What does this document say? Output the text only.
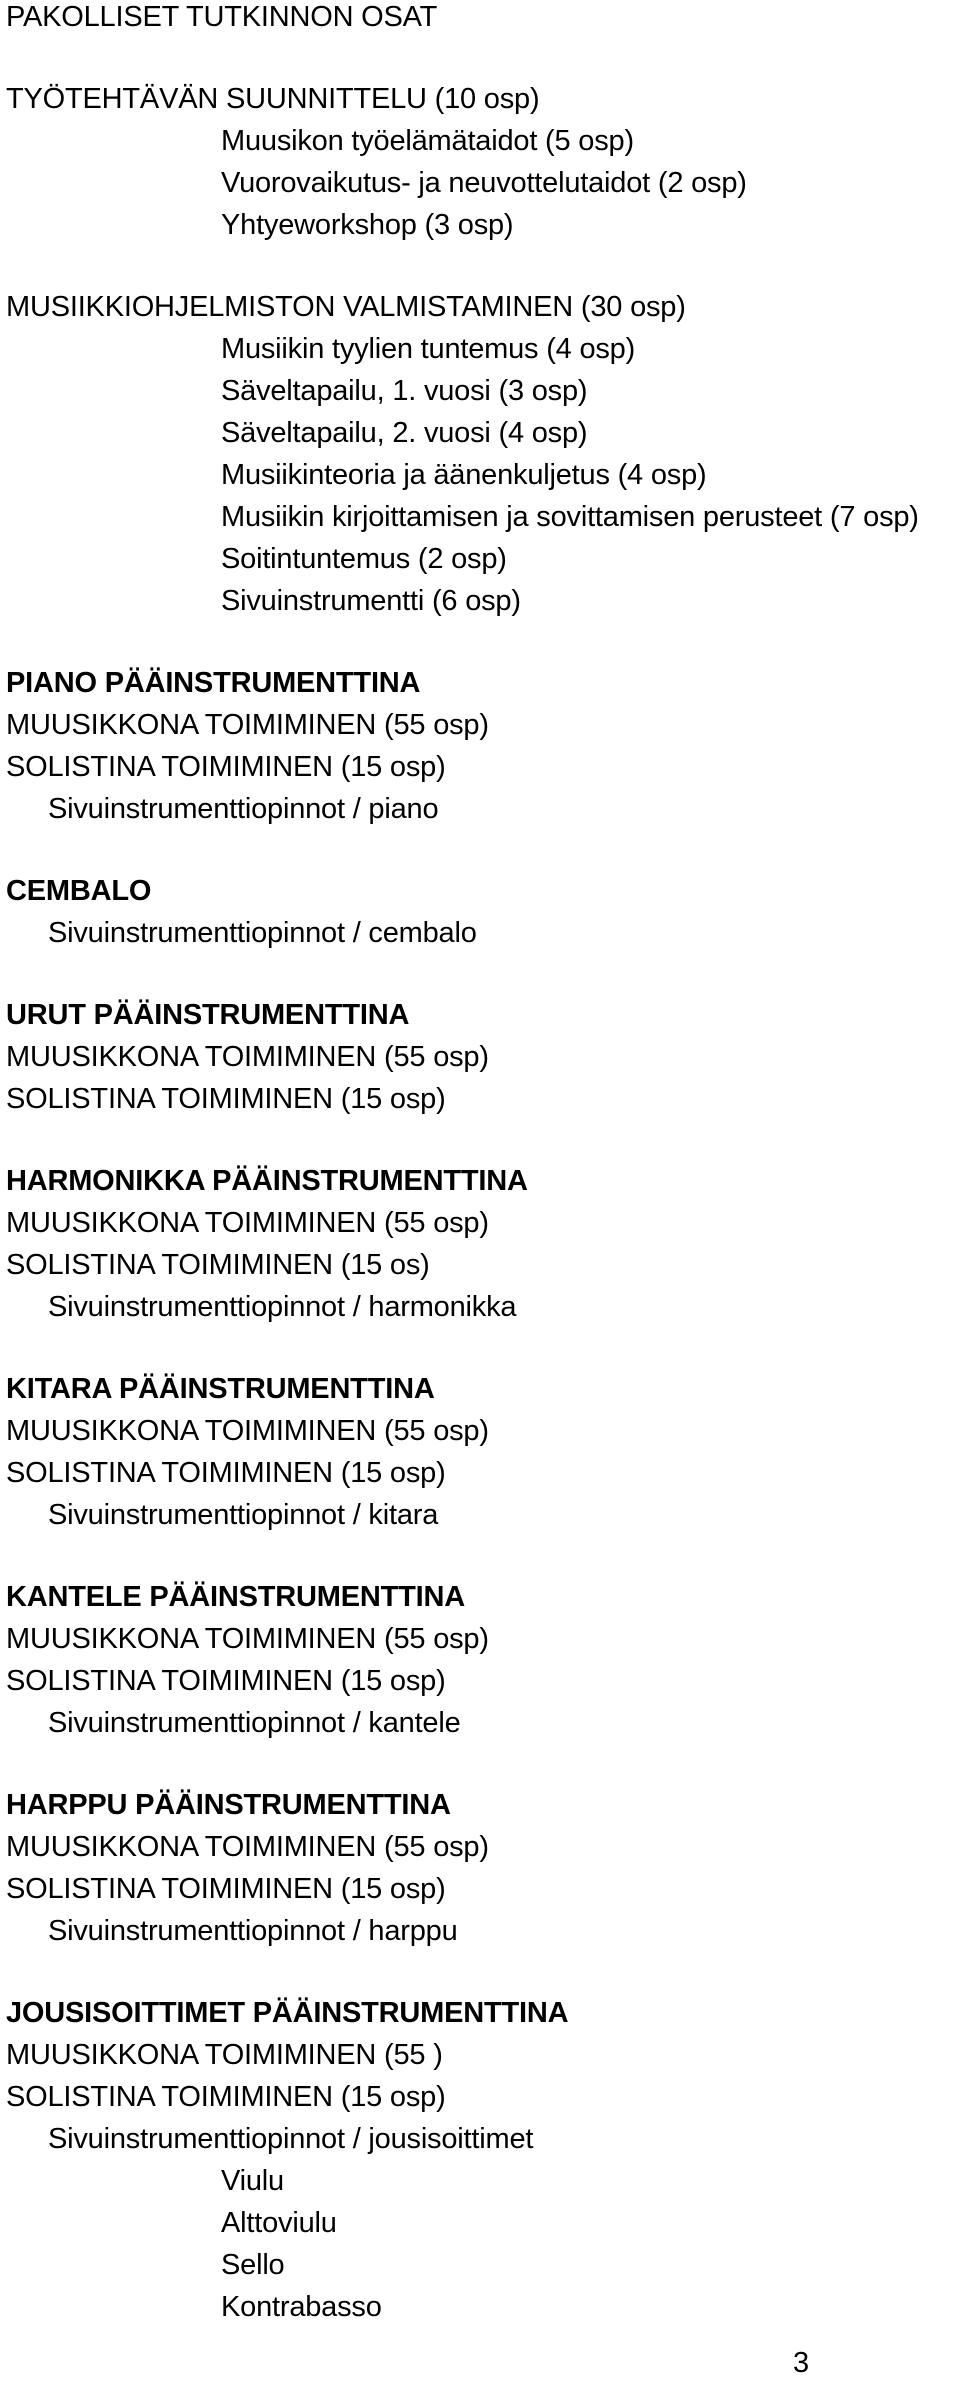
PAKOLLISET TUTKINNON OSAT
TYÖTEHTÄVÄN SUUNNITTELU (10 osp)
Muusikon työelämätaidot (5 osp)
Vuorovaikutus- ja neuvottelutaidot (2 osp)
Yhtyeworkshop (3 osp)
MUSIIKKIOHJELMISTON VALMISTAMINEN (30 osp)
Musiikin tyylien tuntemus (4 osp)
Säveltapailu, 1. vuosi (3 osp)
Säveltapailu, 2. vuosi (4 osp)
Musiikinteoria ja äänenkuljetus (4 osp)
Musiikin kirjoittamisen ja sovittamisen perusteet (7 osp)
Soitintuntemus (2 osp)
Sivuinstrumentti (6 osp)
PIANO PÄÄINSTRUMENTTINA
MUUSIKKONA TOIMIMINEN (55 osp)
SOLISTINA TOIMIMINEN (15 osp)
Sivuinstrumenttiopinnot / piano
CEMBALO
Sivuinstrumenttiopinnot / cembalo
URUT PÄÄINSTRUMENTTINA
MUUSIKKONA TOIMIMINEN (55 osp)
SOLISTINA TOIMIMINEN (15 osp)
HARMONIKKA PÄÄINSTRUMENTTINA
MUUSIKKONA TOIMIMINEN (55 osp)
SOLISTINA TOIMIMINEN (15 os)
Sivuinstrumenttiopinnot / harmonikka
KITARA PÄÄINSTRUMENTTINA
MUUSIKKONA TOIMIMINEN (55 osp)
SOLISTINA TOIMIMINEN (15 osp)
Sivuinstrumenttiopinnot / kitara
KANTELE PÄÄINSTRUMENTTINA
MUUSIKKONA TOIMIMINEN (55 osp)
SOLISTINA TOIMIMINEN (15 osp)
Sivuinstrumenttiopinnot / kantele
HARPPU PÄÄINSTRUMENTTINA
MUUSIKKONA TOIMIMINEN (55 osp)
SOLISTINA TOIMIMINEN (15 osp)
Sivuinstrumenttiopinnot / harppu
JOUSISOITTIMET PÄÄINSTRUMENTTINA
MUUSIKKONA TOIMIMINEN (55 )
SOLISTINA TOIMIMINEN (15 osp)
Sivuinstrumenttiopinnot / jousisoittimet
Viulu
Alttoviulu
Sello
Kontrabasso
3
